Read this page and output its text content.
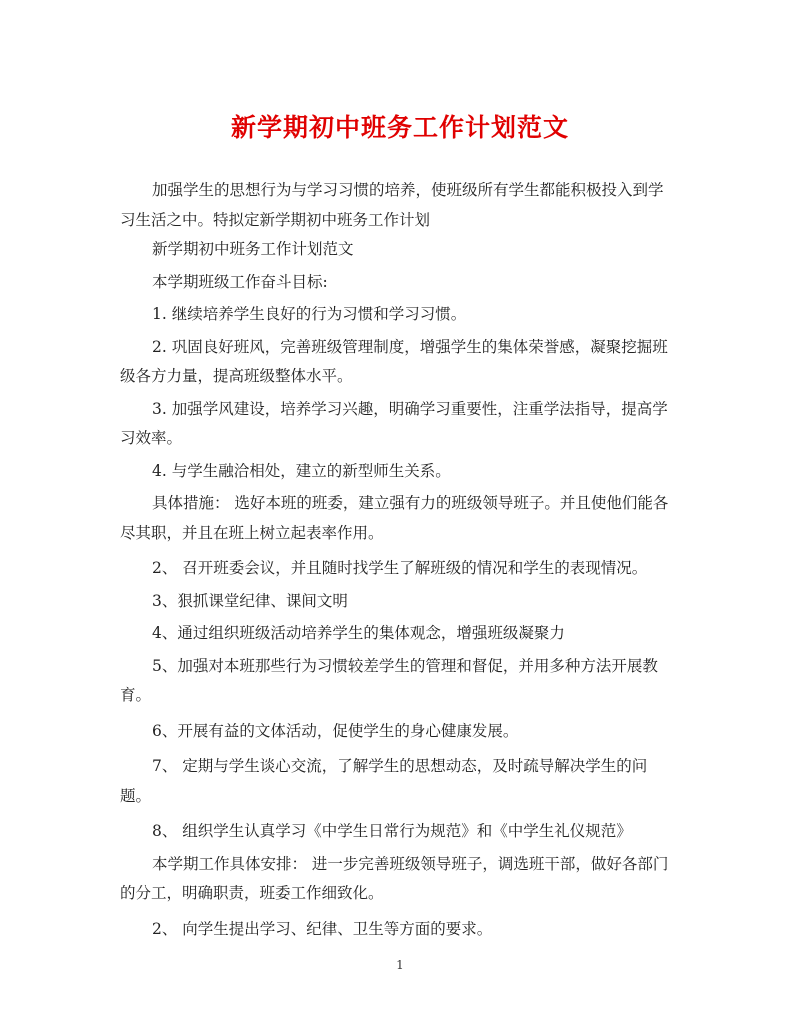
新学期初中班务工作计划范文

加强学生的思想行为与学习习惯的培养，使班级所有学生都能积极投入到学习生活之中。特拟定新学期初中班务工作计划

新学期初中班务工作计划范文

本学期班级工作奋斗目标:

1. 继续培养学生良好的行为习惯和学习习惯。

2. 巩固良好班风，完善班级管理制度，增强学生的集体荣誉感，凝聚挖掘班级各方力量，提高班级整体水平。

3. 加强学风建设，培养学习兴趣，明确学习重要性，注重学法指导，提高学习效率。

4. 与学生融洽相处，建立的新型师生关系。

具体措施： 选好本班的班委，建立强有力的班级领导班子。并且使他们能各尽其职，并且在班上树立起表率作用。

2、 召开班委会议，并且随时找学生了解班级的情况和学生的表现情况。

3、狠抓课堂纪律、课间文明

4、通过组织班级活动培养学生的集体观念，增强班级凝聚力

5、加强对本班那些行为习惯较差学生的管理和督促，并用多种方法开展教育。

6、开展有益的文体活动，促使学生的身心健康发展。

7、 定期与学生谈心交流，了解学生的思想动态，及时疏导解决学生的问题。

8、 组织学生认真学习《中学生日常行为规范》和《中学生礼仪规范》

本学期工作具体安排： 进一步完善班级领导班子，调选班干部，做好各部门的分工，明确职责，班委工作细致化。

2、 向学生提出学习、纪律、卫生等方面的要求。

1
